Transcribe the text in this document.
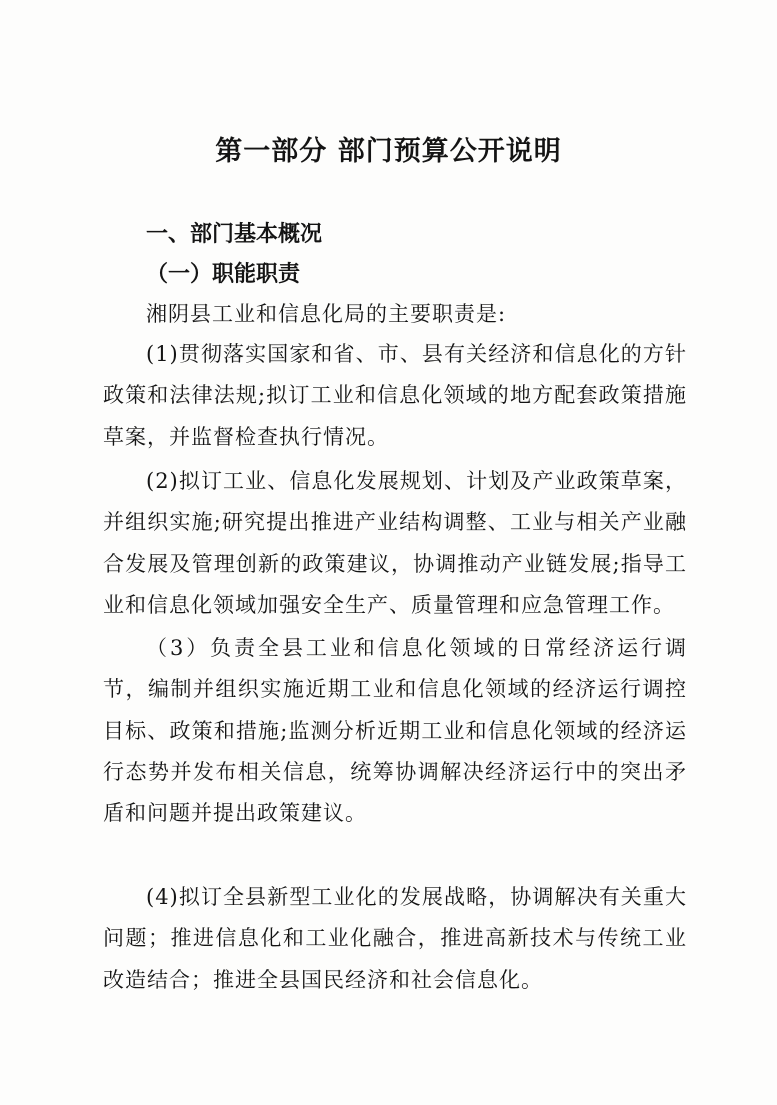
第一部分 部门预算公开说明
一、部门基本概况
（一）职能职责
湘阴县工业和信息化局的主要职责是:

(1)贯彻落实国家和省、市、县有关经济和信息化的方针政策和法律法规;拟订工业和信息化领域的地方配套政策措施草案，并监督检查执行情况。

(2)拟订工业、信息化发展规划、计划及产业政策草案，并组织实施;研究提出推进产业结构调整、工业与相关产业融合发展及管理创新的政策建议，协调推动产业链发展;指导工业和信息化领域加强安全生产、质量管理和应急管理工作。

（3）负责全县工业和信息化领域的日常经济运行调节，编制并组织实施近期工业和信息化领域的经济运行调控目标、政策和措施;监测分析近期工业和信息化领域的经济运行态势并发布相关信息，统筹协调解决经济运行中的突出矛盾和问题并提出政策建议。

(4)拟订全县新型工业化的发展战略，协调解决有关重大问题；推进信息化和工业化融合，推进高新技术与传统工业改造结合；推进全县国民经济和社会信息化。
